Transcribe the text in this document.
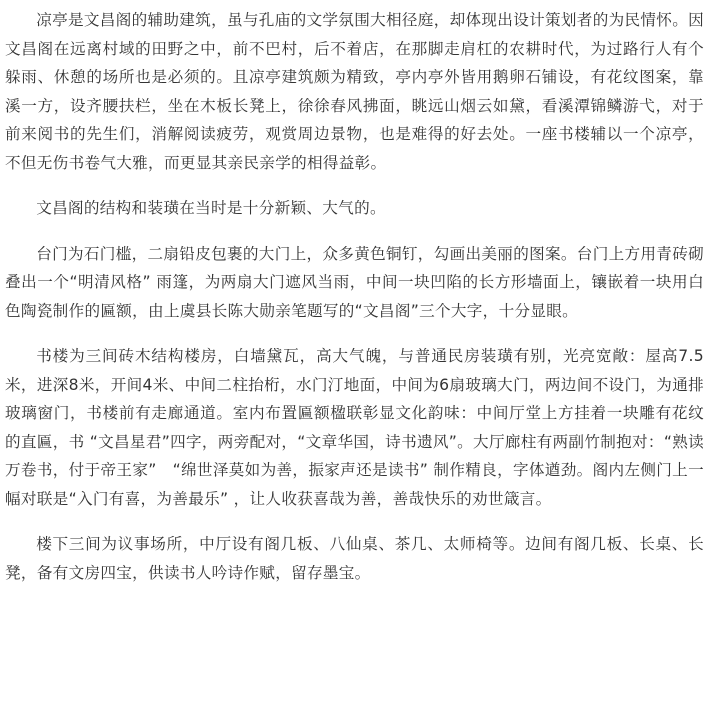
凉亭是文昌阁的辅助建筑，虽与孔庙的文学氛围大相径庭，却体现出设计策划者的为民情怀。因文昌阁在远离村域的田野之中，前不巴村，后不着店，在那脚走肩杠的农耕时代，为过路行人有个躲雨、休憩的场所也是必须的。且凉亭建筑颇为精致，亭内亭外皆用鹅卵石铺设，有花纹图案，靠溪一方，设齐腰扶栏，坐在木板长凳上，徐徐春风拂面，眺远山烟云如黛，看溪潭锦鳞游弋，对于前来阅书的先生们，消解阅读疲劳，观赏周边景物，也是难得的好去处。一座书楼辅以一个凉亭，不但无伤书卷气大雅，而更显其亲民亲学的相得益彰。

文昌阁的结构和装璜在当时是十分新颖、大气的。

台门为石门槛，二扇铅皮包裹的大门上，众多黄色铜钉，勾画出美丽的图案。台门上方用青砖砌叠出一个“明清风格” 雨篷，为两扇大门遮风当雨，中间一块凹陷的长方形墙面上，镶嵌着一块用白色陶瓷制作的匾额，由上虞县长陈大勋亲笔题写的“文昌阁”三个大字，十分显眼。

书楼为三间砖木结构楼房，白墙黛瓦，高大气魄，与普通民房装璜有别，光亮宽敞：屋高7.5米，进深8米，开间4米、中间二柱抬桁，水门汀地面，中间为6扇玻璃大门，两边间不设门，为通排玻璃窗门，书楼前有走廊通道。室内布置匾额楹联彰显文化韵味：中间厅堂上方挂着一块雕有花纹的直匾，书 “文昌星君”四字，两旁配对，“文章华国，诗书遗风”。大厅廊柱有两副竹制抱对：“熟读万卷书，付于帝王家”　“绵世泽莫如为善，振家声还是读书” 制作精良，字体遒劲。阁内左侧门上一幅对联是“入门有喜，为善最乐” ，让人收获喜哉为善，善哉快乐的劝世箴言。

楼下三间为议事场所，中厅设有阁几板、八仙桌、茶几、太师椅等。边间有阁几板、长桌、长凳，备有文房四宝，供读书人吟诗作赋，留存墨宝。
